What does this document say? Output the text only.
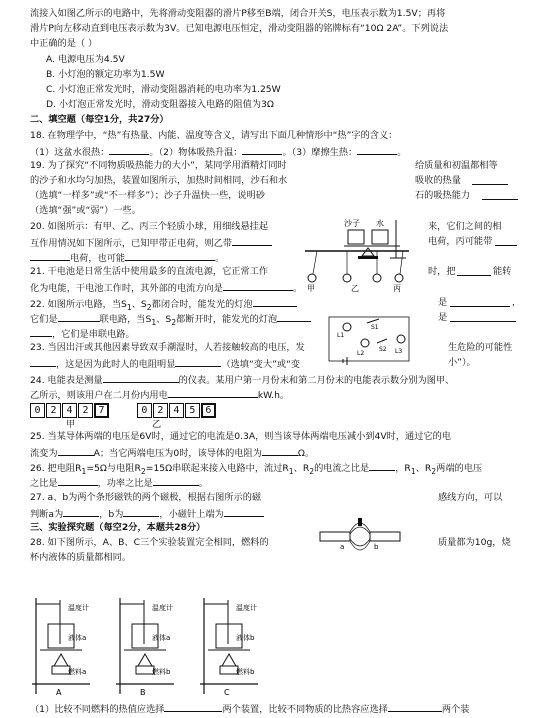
流接入如图乙所示的电路中，先将滑动变阻器的滑片P移至B端，闭合开关S，电压表示数为1.5V；再将
滑片P向左移动直到电压表示数为3V。已知电源电压恒定，滑动变阻器的铭牌标有“10Ω 2A”。下列说法
中正确的是（ ）
A. 电源电压为4.5V
B. 小灯泡的额定功率为1.5W
C. 小灯泡正常发光时，滑动变阻器消耗的电功率为1.25W
D. 小灯泡正常发光时，滑动变阻器接入电路的阻值为3Ω
二、填空题（每空1分，共27分）
18. 在物理学中，“热”有热量、内能、温度等含义，请写出下面几种情形中“热”字的含义：
（1）这盆水很热：	。（2）物体吸热升温：	。（3）摩擦生热：	。
19. 为了探究“不同物质吸热能力的大小”，某同学用酒精灯同时	给质量和初温都相等
的沙子和水均匀加热，装置如图所示，加热时间相同，沙石和水	吸收的热量
（选填“一样多”或“不一样多”）；沙子升温快一些，说明砂	石的吸热能力
（选填“强”或“弱”）一些。
20. 如图所示：有甲、乙、丙三个轻质小球，用细线悬挂起	来，它们之间的相
互作用情况如下图所示，已知甲带正电荷，则乙带	电荷，丙可能带
电荷，也可能	。
21. 干电池是日常生活中使用最多的直流电源，它正常工作	时，把	能转
化为电能，干电池工作时，其外部的电流方向是	。
22. 如图所示电路，当$S_1$、$S_2$都闭合时，能发光的灯泡	是	，
它们是	联电路，当$S_1$、$S_2$都断开时，能发光的灯泡	是
，它们是串联电路。
23. 当因出汗或其他因素导致双手潮湿时，人若接触较高的电压，发	生危险的可能性
，这是因为此时人的电阻明显	（选填“变大”或“变	小”）。
24. 电能表是测量	的仪表。某用户第一月份末和第二月份末的电能表示数分别为图甲、
乙所示，则该用户在二月份内用电	kW.h。
0 2 4 2 7
	0 2 4 5 6
甲	乙
25. 当某导体两端的电压是6V时，通过它的电流是0.3A，则当该导体两端电压减小到4V时，通过它的电
流变为	A；当它两端电压为0时，该导体的电阻为	Ω。
26. 把电阻$R_1=5\Omega$与电阻$R_2=15\Omega$串联起来接入电路中，流过$R_1$、$R_2$的电流之比是	，$R_1$、$R_2$两端的电压
之比是	，功率之比是	。
27. a、b为两个条形磁铁的两个磁极，根据右图所示的磁	感线方向，可以
判断a为	，b为	，小磁针上端为
三、实验探究题（每空2分，本题共28分）
28. 如下图所示，A、B、C三个实验装置完全相同，燃料的	质量都为10g，烧
杯内液体的质量都相同。
沙子 水
甲	乙	丙
L1
S1
L2
S2 L3
a	b
温度计
液体a
燃料a
A
温度计
液体a
燃料b
B
温度计
液体b
燃料b
C
（1）比较不同燃料的热值应选择	两个装置，比较不同物质的比热容应选择	两个装
